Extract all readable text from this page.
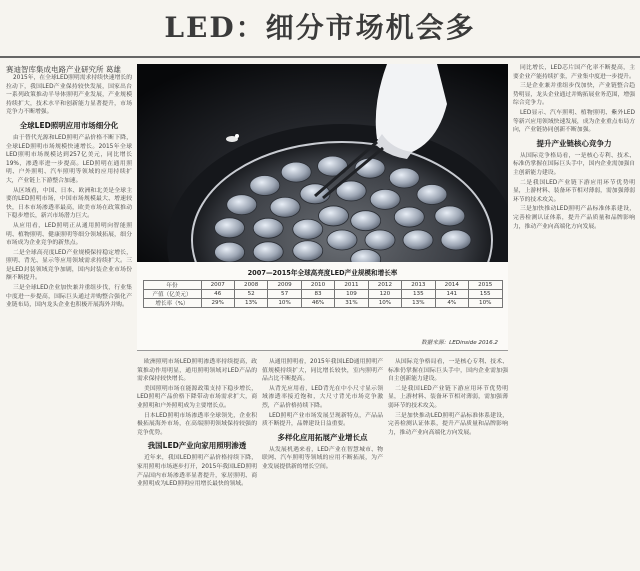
LED：细分市场机会多
赛迪智库集成电路产业研究所 葛雄

2015年，在全球LED照明需求持续快速增长的拉动下，我国LED产业保持较快发展，国家出台一系列政策推动半导体照明产业发展，产业规模持续扩大，技术水平和创新能力显著提升，市场竞争力不断增强。

全球LED照明应用市场细分化

由于替代光源和LED照明产品价格不断下降，全球LED照明市场规模快速增长。2015年全球LED照明市场规模达到257亿美元，同比增长19%，渗透率进一步提高。LED照明在通用照明、户外照明、汽车照明等领域的应用持续扩大，产业链上下游整合加速。

从区域看，中国、日本、欧洲和北美是全球主要的LED照明市场，中国市场规模最大、增速较快，日本市场渗透率最高，欧美市场在政策推动下稳步增长，新兴市场潜力巨大。

从应用看，LED照明正从通用照明向智能照明、植物照明、健康照明等细分领域拓展，细分市场成为企业竞争的新焦点。

二是全球高亮度LED产业规模保持稳定增长，照明、背光、显示等应用领域需求持续扩大。三是LED封装领域竞争加剧，国内封装企业市场份额不断提升。

三是全球LED企业加快兼并重组步伐，行业集中度进一步提高，国际巨头通过并购整合强化产业链布局，国内龙头企业也积极开展海外并购。

2007—2015年全球高亮度LED产业规模和增长率
年份	2007	2008	2009	2010	2011	2012	2013	2014	2015
产值（亿美元）	46	52	57	83	109	120	135	141	155
增长率（%）	29%	13%	10%	46%	31%	10%	13%	4%	10%
数据来源：LEDinside 2016.2

欧洲照明市场LED照明渗透率持续提高，政策推动作用明显，通用照明领域对LED产品的需求保持较快增长。

美国照明市场在能源政策支持下稳步增长，LED照明产品价格下降带动市场需求扩大，商业照明和户外照明成为主要增长点。

日本LED照明市场渗透率全球领先，企业积极拓展海外市场，在高端照明领域保持较强的竞争优势。

我国LED产业向家用照明渗透

近年来，我国LED照明产品价格持续下降，家用照明市场逐步打开，2015年我国LED照明产品国内市场渗透率显著提升，家居照明、商业照明成为LED照明应用增长最快的领域。

从通用照明看，2015年我国LED通用照明产值规模持续扩大，同比增长较快，室内照明产品占比不断提高。

从背光应用看，LED背光在中小尺寸显示领域渗透率接近饱和，大尺寸背光市场竞争激烈，产品价格持续下降。

LED照明产业市场发展呈现新特点，产品品质不断提升，品牌建设日益重要。

多样化应用拓展产业增长点

从发展机遇来看，LED产业在智慧城市、物联网、汽车照明等领域的应用不断拓展，为产业发展提供新的增长空间。

从国际竞争格局看，一是核心专利、技术、标准仍掌握在国际巨头手中，国内企业需加强自主创新能力建设。

二是我国LED产业链下游应用环节优势明显，上游材料、装备环节相对薄弱，需加强薄弱环节的技术攻关。

三是加快推动LED照明产品标准体系建设，完善检测认证体系，提升产品质量和品牌影响力，推动产业向高端化方向发展。

同比增长，LED芯片国产化率不断提高，主要企业产能持续扩张，产业集中度进一步提升。

三是企业兼并重组步伐加快，产业链整合趋势明显，龙头企业通过并购拓展业务范围，增强综合竞争力。

LED显示、汽车照明、植物照明、紫外LED等新兴应用领域快速发展，成为企业重点布局方向，产业链协同创新不断加强。

提升产业链核心竞争力

从国际竞争格局看，一是核心专利、技术、标准仍掌握在国际巨头手中，国内企业需加强自主创新能力建设。

二是我国LED产业链下游应用环节优势明显，上游材料、装备环节相对薄弱，需加强薄弱环节的技术攻关。

三是加快推动LED照明产品标准体系建设，完善检测认证体系，提升产品质量和品牌影响力，推动产业向高端化方向发展。
